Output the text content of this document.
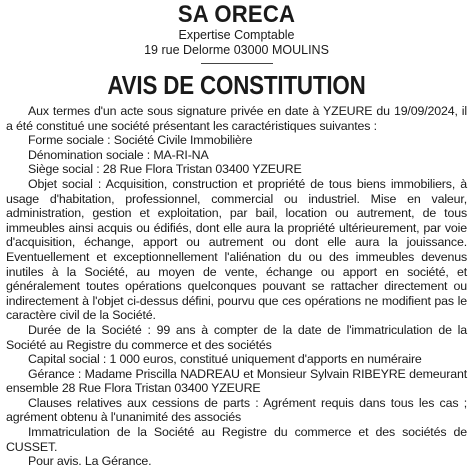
SA ORECA
Expertise Comptable
19 rue Delorme 03000 MOULINS
AVIS DE CONSTITUTION

Aux termes d'un acte sous signature privée en date à YZEURE du 19/09/2024, il a été constitué une société présentant les caractéristiques suivantes :

Forme sociale : Société Civile Immobilière

Dénomination sociale : MA-RI-NA

Siège social : 28 Rue Flora Tristan 03400 YZEURE

Objet social : Acquisition, construction et propriété de tous biens immobiliers, à usage d'habitation, professionnel, commercial ou industriel. Mise en valeur, administration, gestion et exploitation, par bail, location ou autrement, de tous immeubles ainsi acquis ou édifiés, dont elle aura la propriété ultérieurement, par voie d'acquisition, échange, apport ou autrement ou dont elle aura la jouissance. Eventuellement et exceptionnellement l'aliénation du ou des immeubles devenus inutiles à la Société, au moyen de vente, échange ou apport en société, et généralement toutes opérations quelconques pouvant se rattacher directement ou indirectement à l'objet ci-dessus défini, pourvu que ces opérations ne modifient pas le caractère civil de la Société.

Durée de la Société : 99 ans à compter de la date de l'immatriculation de la Société au Registre du commerce et des sociétés

Capital social : 1 000 euros, constitué uniquement d'apports en numéraire

Gérance : Madame Priscilla NADREAU et Monsieur Sylvain RIBEYRE demeurant ensemble 28 Rue Flora Tristan 03400 YZEURE

Clauses relatives aux cessions de parts : Agrément requis dans tous les cas ; agrément obtenu à l'unanimité des associés

Immatriculation de la Société au Registre du commerce et des sociétés de CUSSET.

Pour avis. La Gérance.
